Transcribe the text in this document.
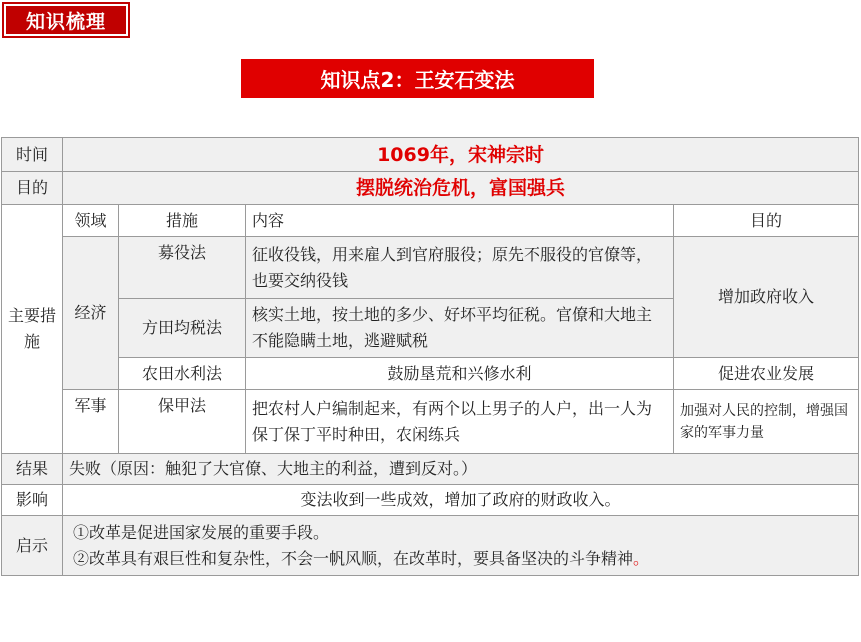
知识梳理
知识点2：王安石变法
时间	1069年，宋神宗时			
目的	摆脱统治危机，富国强兵			
主要措施	领域	措施	内容	目的
	经济	募役法	征收役钱，用来雇人到官府服役；原先不服役的官僚等，也要交纳役钱	增加政府收入
		方田均税法	核实土地，按土地的多少、好坏平均征税。官僚和大地主不能隐瞒土地，逃避赋税	
		农田水利法	鼓励垦荒和兴修水利	促进农业发展
	军事	保甲法	把农村人户编制起来，有两个以上男子的人户，出一人为保丁保丁平时种田，农闲练兵	加强对人民的控制，增强国家的军事力量
结果	失败（原因：触犯了大官僚、大地主的利益，遭到反对。）			
影响	变法收到一些成效，增加了政府的财政收入。			
启示	①改革是促进国家发展的重要手段。
②改革具有艰巨性和复杂性，不会一帆风顺，在改革时，要具备坚决的斗争精神。			
